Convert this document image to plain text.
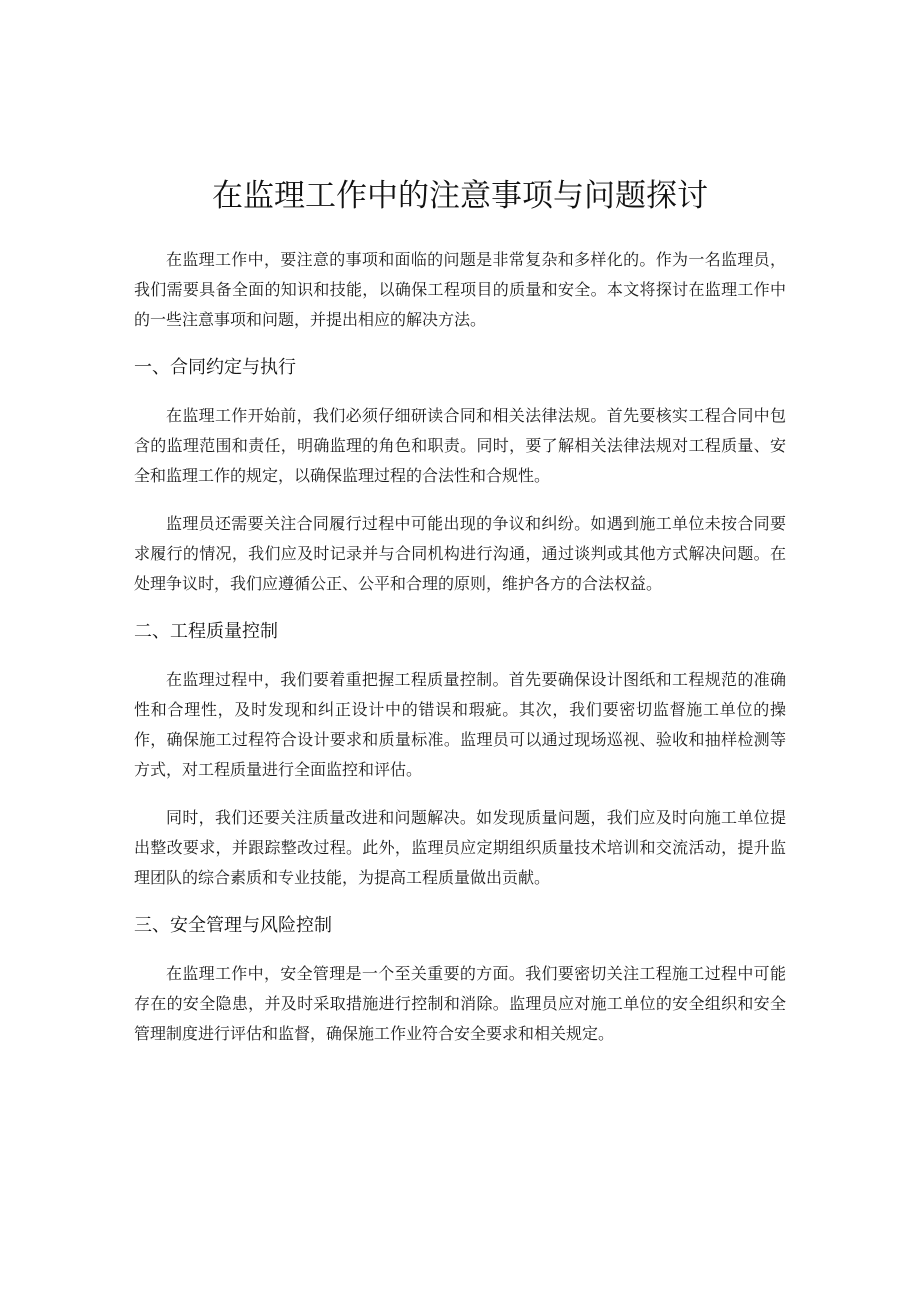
在监理工作中的注意事项与问题探讨

在监理工作中，要注意的事项和面临的问题是非常复杂和多样化的。作为一名监理员，我们需要具备全面的知识和技能，以确保工程项目的质量和安全。本文将探讨在监理工作中的一些注意事项和问题，并提出相应的解决方法。

一、合同约定与执行

在监理工作开始前，我们必须仔细研读合同和相关法律法规。首先要核实工程合同中包含的监理范围和责任，明确监理的角色和职责。同时，要了解相关法律法规对工程质量、安全和监理工作的规定，以确保监理过程的合法性和合规性。

监理员还需要关注合同履行过程中可能出现的争议和纠纷。如遇到施工单位未按合同要求履行的情况，我们应及时记录并与合同机构进行沟通，通过谈判或其他方式解决问题。在处理争议时，我们应遵循公正、公平和合理的原则，维护各方的合法权益。

二、工程质量控制

在监理过程中，我们要着重把握工程质量控制。首先要确保设计图纸和工程规范的准确性和合理性，及时发现和纠正设计中的错误和瑕疵。其次，我们要密切监督施工单位的操作，确保施工过程符合设计要求和质量标准。监理员可以通过现场巡视、验收和抽样检测等方式，对工程质量进行全面监控和评估。

同时，我们还要关注质量改进和问题解决。如发现质量问题，我们应及时向施工单位提出整改要求，并跟踪整改过程。此外，监理员应定期组织质量技术培训和交流活动，提升监理团队的综合素质和专业技能，为提高工程质量做出贡献。

三、安全管理与风险控制

在监理工作中，安全管理是一个至关重要的方面。我们要密切关注工程施工过程中可能存在的安全隐患，并及时采取措施进行控制和消除。监理员应对施工单位的安全组织和安全管理制度进行评估和监督，确保施工作业符合安全要求和相关规定。
